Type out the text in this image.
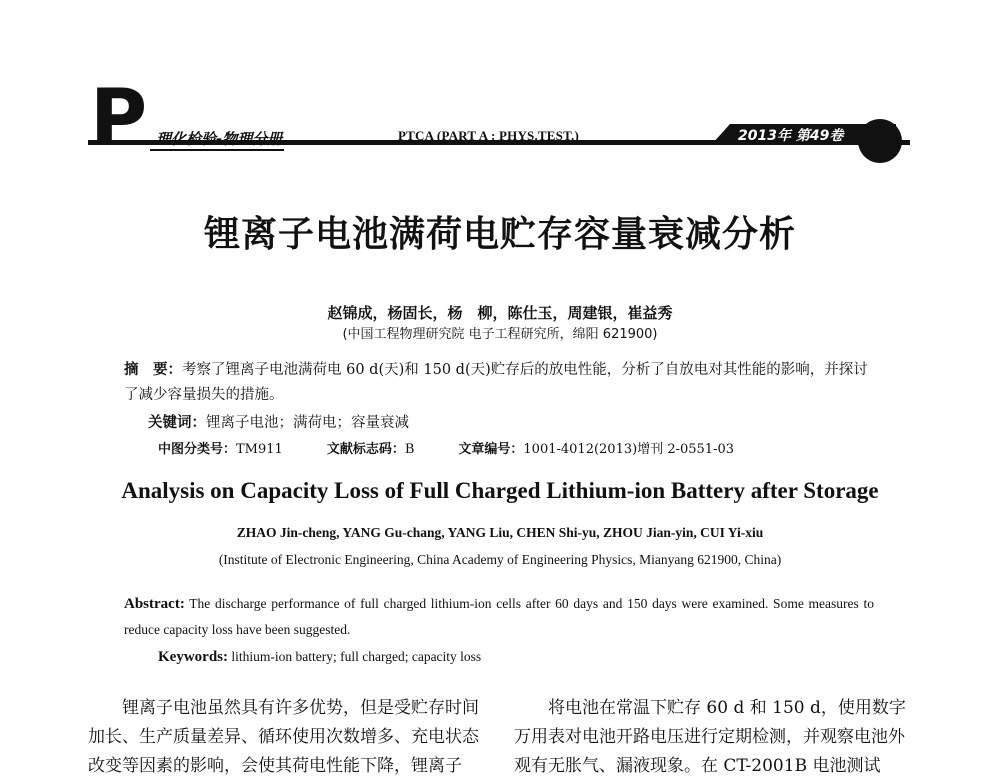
P 理化检验-物理分册	PTCA (PART A : PHYS.TEST.)	2013年 第49卷
锂离子电池满荷电贮存容量衰减分析
赵锦成，杨固长，杨　柳，陈仕玉，周建银，崔益秀
(中国工程物理研究院 电子工程研究所，绵阳 621900)
摘　要：考察了锂离子电池满荷电 60 d(天)和 150 d(天)贮存后的放电性能，分析了自放电对其性能的影响，并探讨了减少容量损失的措施。
关键词：锂离子电池；满荷电；容量衰减
中图分类号：TM911	文献标志码：B	文章编号：1001-4012(2013)增刊 2-0551-03
Analysis on Capacity Loss of Full Charged Lithium-ion Battery after Storage
ZHAO Jin-cheng, YANG Gu-chang, YANG Liu, CHEN Shi-yu, ZHOU Jian-yin, CUI Yi-xiu
(Institute of Electronic Engineering, China Academy of Engineering Physics, Mianyang 621900, China)
Abstract: The discharge performance of full charged lithium-ion cells after 60 days and 150 days were examined. Some measures to reduce capacity loss have been suggested.
Keywords: lithium-ion battery; full charged; capacity loss
锂离子电池虽然具有许多优势，但是受贮存时间加长、生产质量差异、循环使用次数增多、充电状态改变等因素的影响，会使其荷电性能下降，锂离子
将电池在常温下贮存 60 d 和 150 d，使用数字万用表对电池开路电压进行定期检测，并观察电池外观有无胀气、漏液现象。在 CT-2001B 电池测试
